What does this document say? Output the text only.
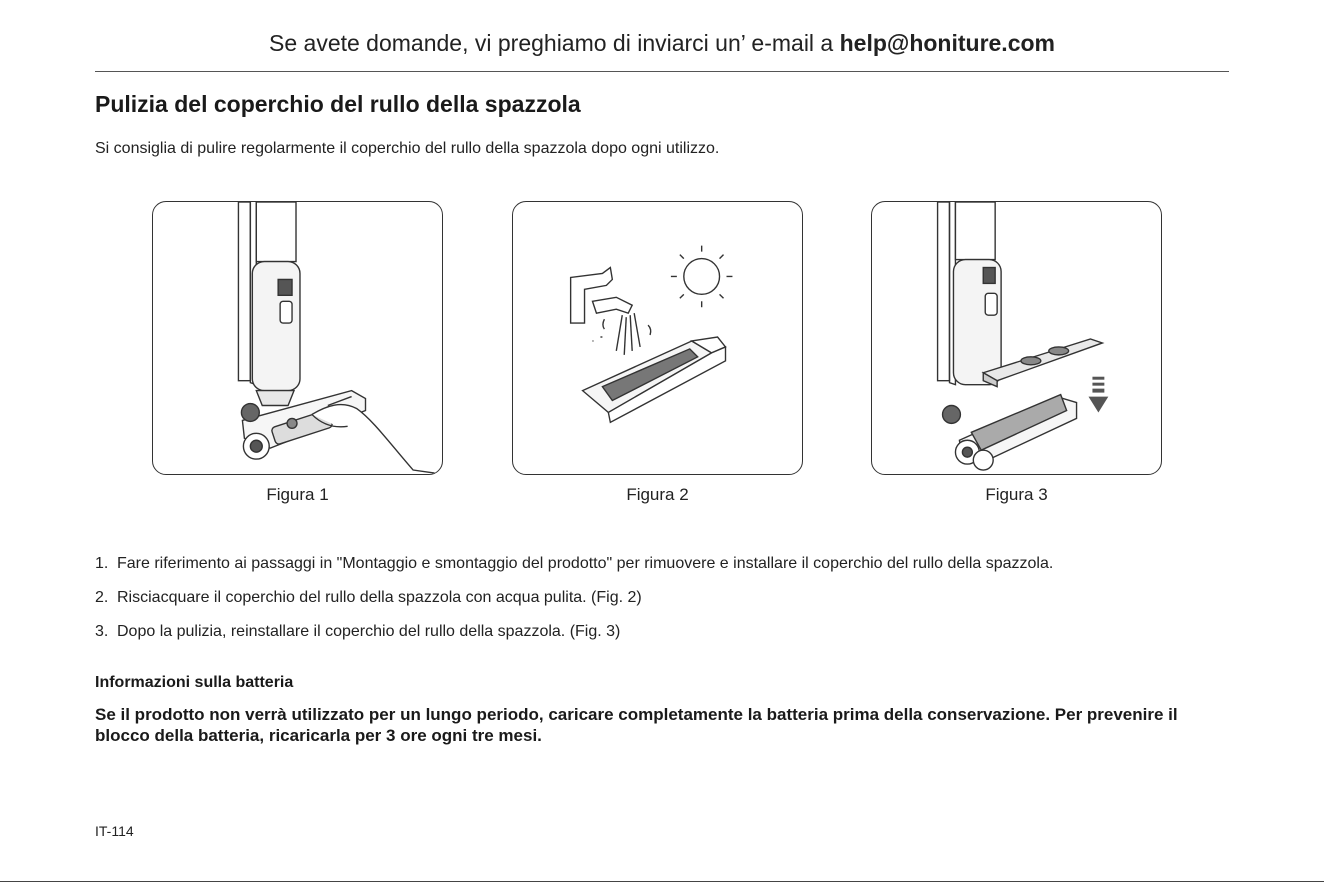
Se avete domande, vi preghiamo di inviarci un’ e-mail a help@honiture.com
Pulizia del coperchio del rullo della spazzola
Si consiglia di pulire regolarmente il coperchio del rullo della spazzola dopo ogni utilizzo.
Figura 1	Figura 2	Figura 3
1. Fare riferimento ai passaggi in "Montaggio e smontaggio del prodotto" per rimuovere e installare il coperchio del rullo della spazzola.
2. Risciacquare il coperchio del rullo della spazzola con acqua pulita. (Fig. 2)
3. Dopo la pulizia, reinstallare il coperchio del rullo della spazzola. (Fig. 3)
Informazioni sulla batteria
Se il prodotto non verrà utilizzato per un lungo periodo, caricare completamente la batteria prima della conservazione. Per prevenire il blocco della batteria, ricaricarla per 3 ore ogni tre mesi.
IT-114
